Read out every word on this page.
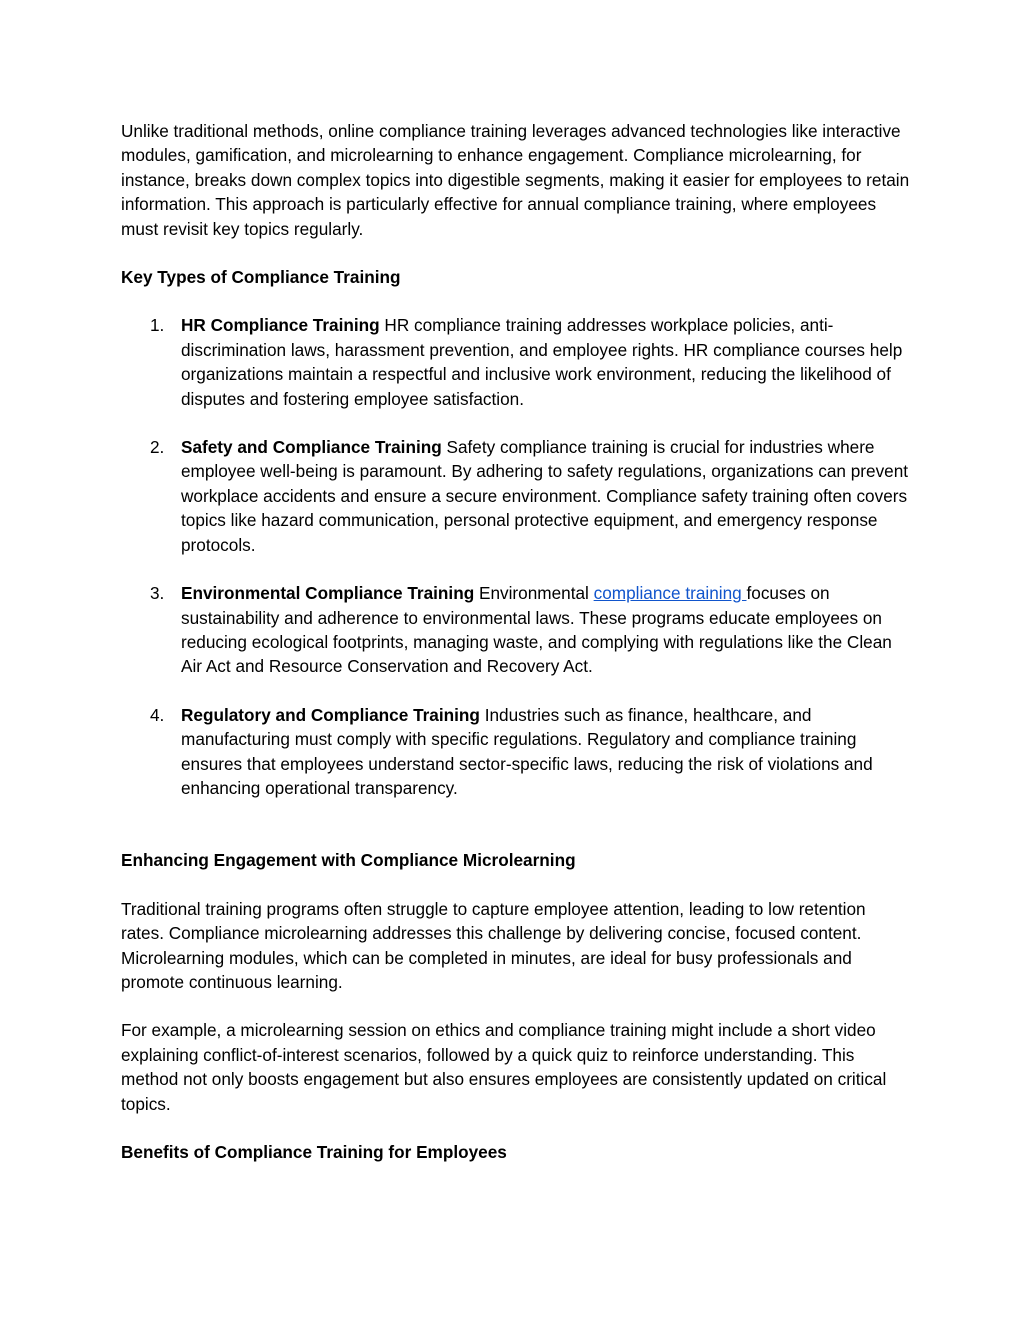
Unlike traditional methods, online compliance training leverages advanced technologies like interactive modules, gamification, and microlearning to enhance engagement. Compliance microlearning, for instance, breaks down complex topics into digestible segments, making it easier for employees to retain information. This approach is particularly effective for annual compliance training, where employees must revisit key topics regularly.

Key Types of Compliance Training

1. HR Compliance Training HR compliance training addresses workplace policies, anti-discrimination laws, harassment prevention, and employee rights. HR compliance courses help organizations maintain a respectful and inclusive work environment, reducing the likelihood of disputes and fostering employee satisfaction.
2. Safety and Compliance Training Safety compliance training is crucial for industries where employee well-being is paramount. By adhering to safety regulations, organizations can prevent workplace accidents and ensure a secure environment. Compliance safety training often covers topics like hazard communication, personal protective equipment, and emergency response protocols.
3. Environmental Compliance Training Environmental compliance training focuses on sustainability and adherence to environmental laws. These programs educate employees on reducing ecological footprints, managing waste, and complying with regulations like the Clean Air Act and Resource Conservation and Recovery Act.
4. Regulatory and Compliance Training Industries such as finance, healthcare, and manufacturing must comply with specific regulations. Regulatory and compliance training ensures that employees understand sector-specific laws, reducing the risk of violations and enhancing operational transparency.

Enhancing Engagement with Compliance Microlearning

Traditional training programs often struggle to capture employee attention, leading to low retention rates. Compliance microlearning addresses this challenge by delivering concise, focused content. Microlearning modules, which can be completed in minutes, are ideal for busy professionals and promote continuous learning.

For example, a microlearning session on ethics and compliance training might include a short video explaining conflict-of-interest scenarios, followed by a quick quiz to reinforce understanding. This method not only boosts engagement but also ensures employees are consistently updated on critical topics.

Benefits of Compliance Training for Employees
